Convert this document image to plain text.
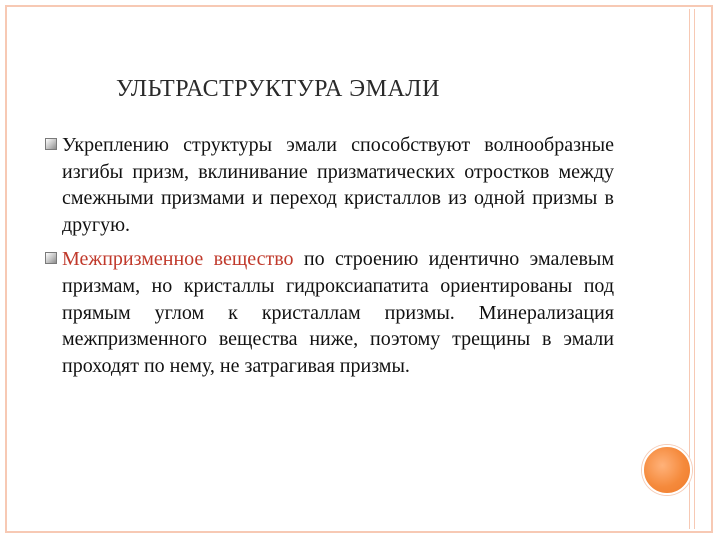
УЛЬТРАСТРУКТУРА ЭМАЛИ

Укреплению структуры эмали способствуют волнообразные изгибы призм, вклинивание призматических отростков между смежными призмами и переход кристаллов из одной призмы в другую.

Межпризменное вещество по строению идентично эмалевым призмам, но кристаллы гидроксиапатита ориентированы под прямым углом к кристаллам призмы. Минерализация межпризменного вещества ниже, поэтому трещины в эмали проходят по нему, не затрагивая призмы.
